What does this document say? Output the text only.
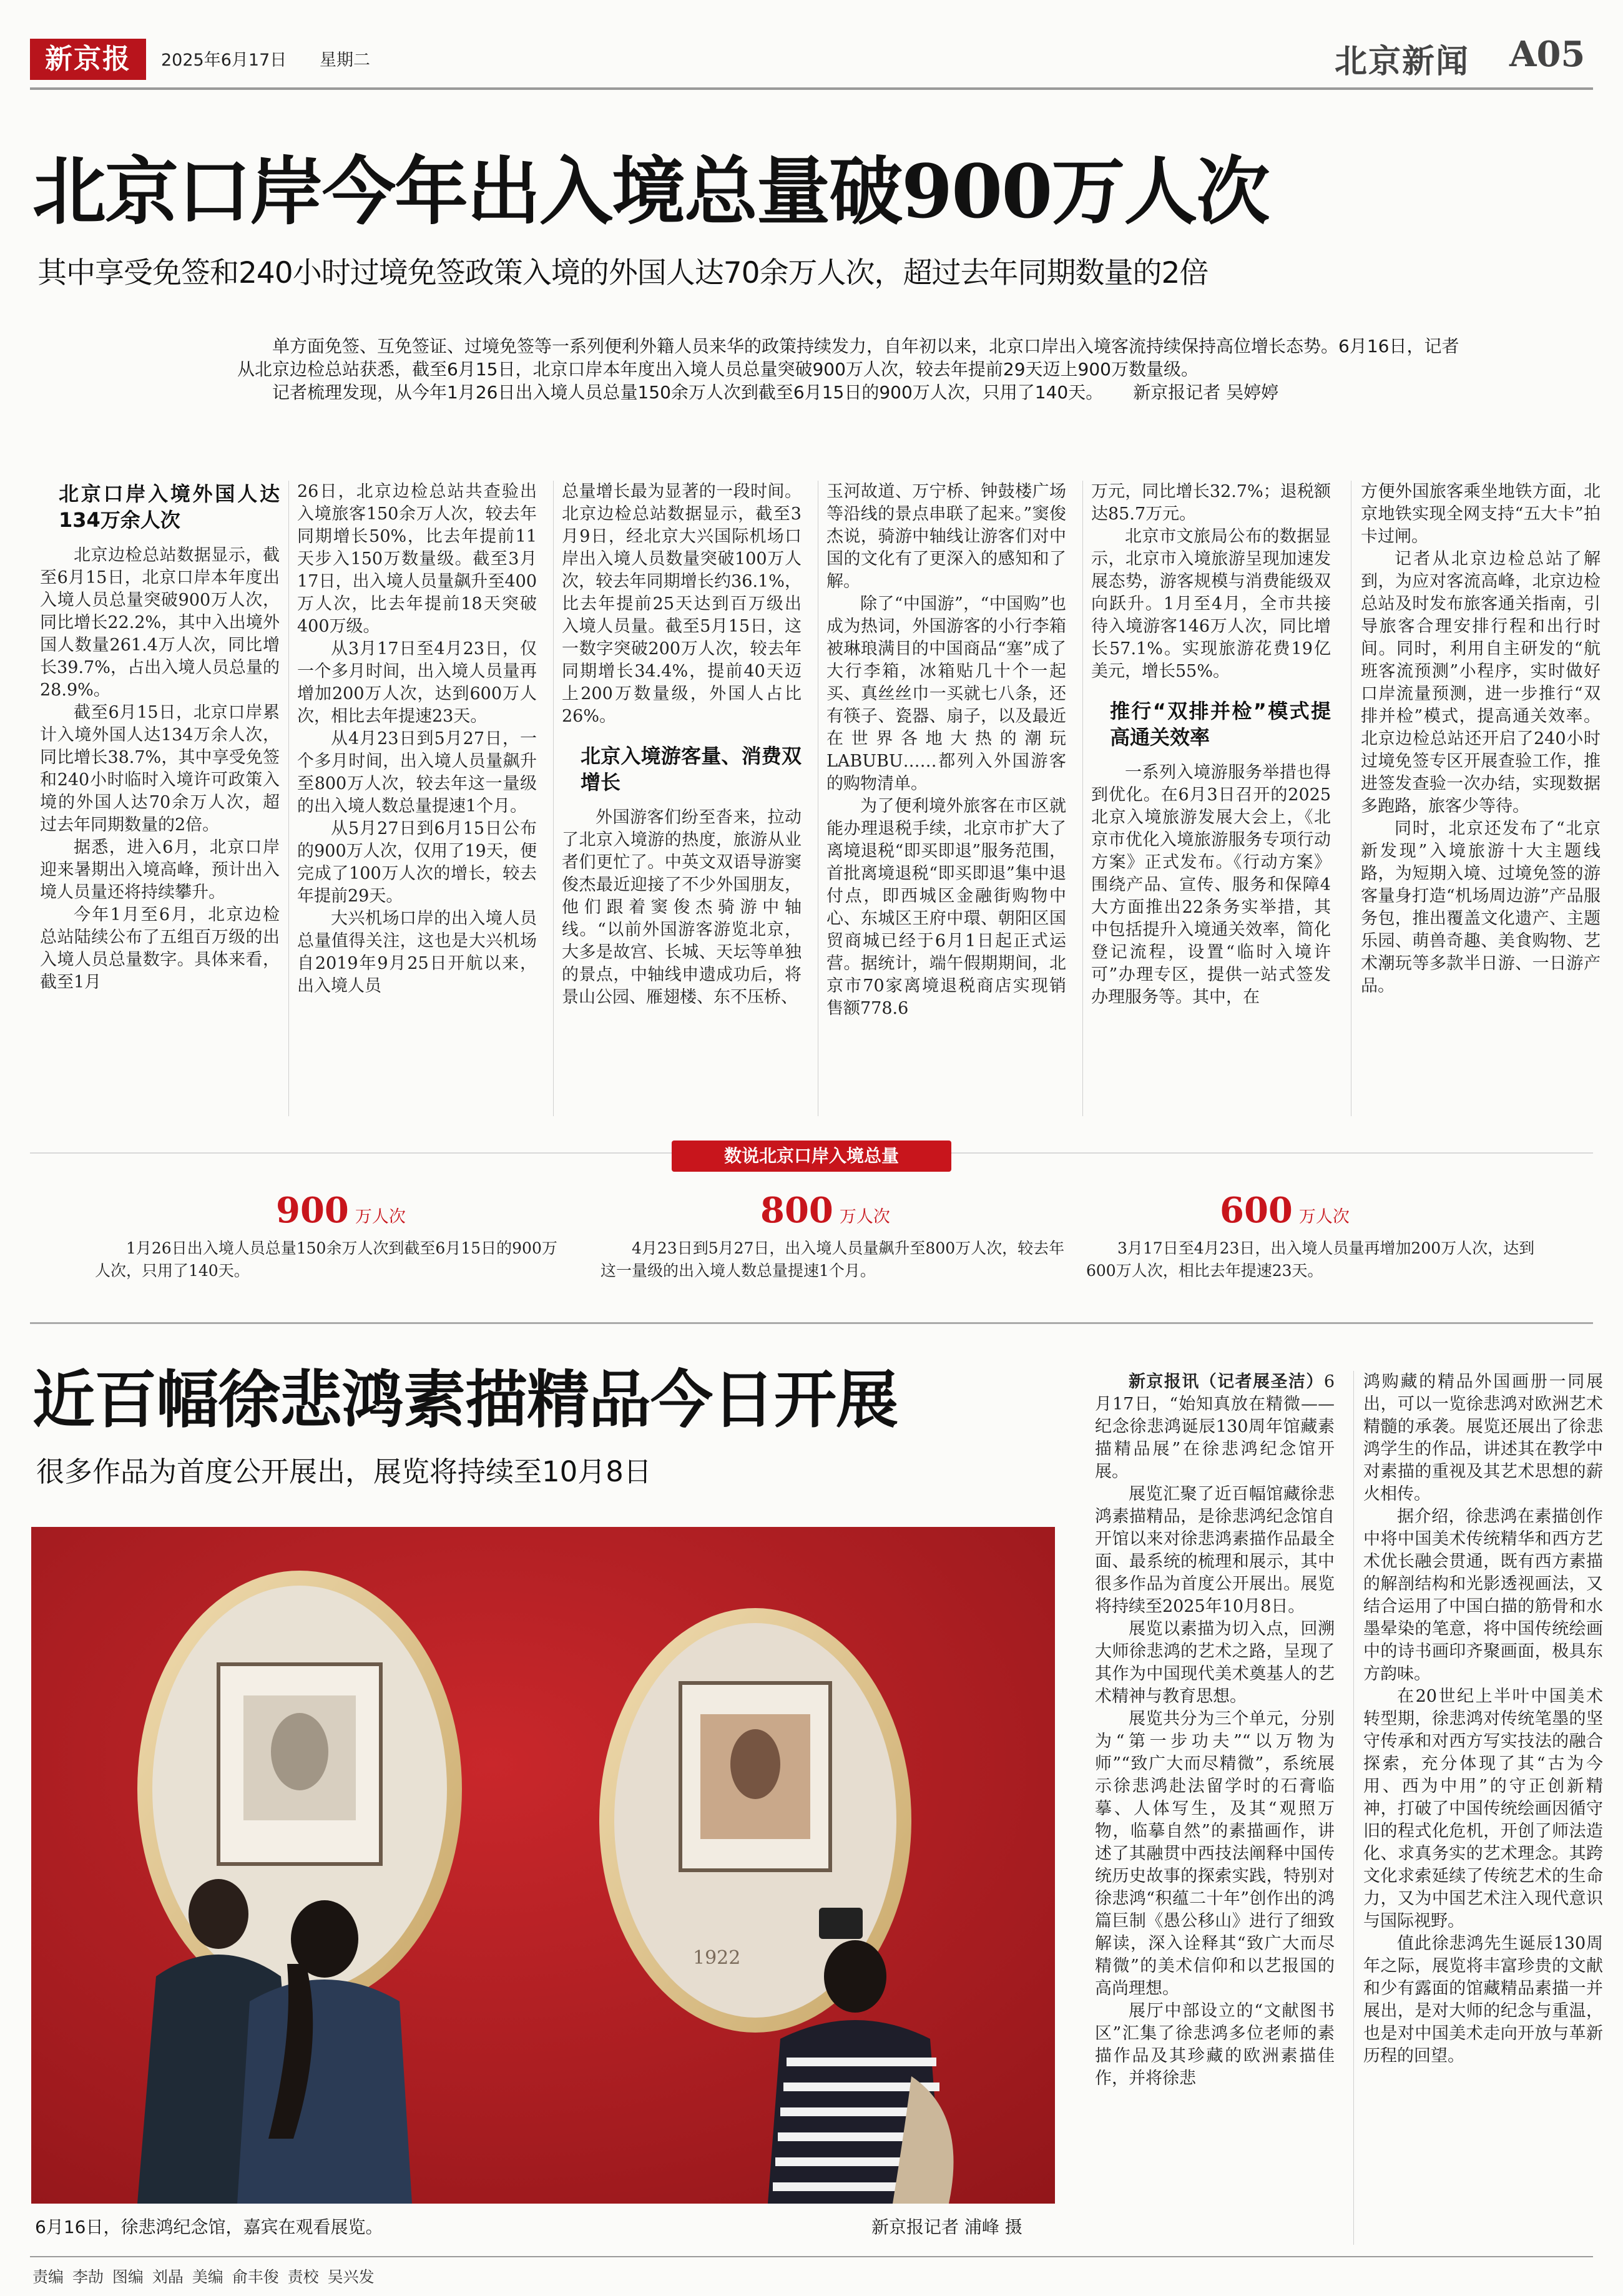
新京报	2025年6月17日 星期二	北京新闻 A05
北京口岸今年出入境总量破900万人次
其中享受免签和240小时过境免签政策入境的外国人达70余万人次，超过去年同期数量的2倍

单方面免签、互免签证、过境免签等一系列便利外籍人员来华的政策持续发力，自年初以来，北京口岸出入境客流持续保持高位增长态势。6月16日，记者从北京边检总站获悉，截至6月15日，北京口岸本年度出入境人员总量突破900万人次，较去年提前29天迈上900万数量级。

记者梳理发现，从今年1月26日出入境人员总量150余万人次到截至6月15日的900万人次，只用了140天。 新京报记者 吴婷婷

北京口岸入境外国人达134万余人次

北京边检总站数据显示，截至6月15日，北京口岸本年度出入境人员总量突破900万人次，同比增长22.2%，其中入出境外国人数量261.4万人次，同比增长39.7%，占出入境人员总量的28.9%。

截至6月15日，北京口岸累计入境外国人达134万余人次，同比增长38.7%，其中享受免签和240小时临时入境许可政策入境的外国人达70余万人次，超过去年同期数量的2倍。

据悉，进入6月，北京口岸迎来暑期出入境高峰，预计出入境人员量还将持续攀升。

今年1月至6月，北京边检总站陆续公布了五组百万级的出入境人员总量数字。具体来看，截至1月

26日，北京边检总站共查验出入境旅客150余万人次，较去年同期增长50%，比去年提前11天步入150万数量级。截至3月17日，出入境人员量飙升至400万人次，比去年提前18天突破400万级。

从3月17日至4月23日，仅一个多月时间，出入境人员量再增加200万人次，达到600万人次，相比去年提速23天。

从4月23日到5月27日，一个多月时间，出入境人员量飙升至800万人次，较去年这一量级的出入境人数总量提速1个月。

从5月27日到6月15日公布的900万人次，仅用了19天，便完成了100万人次的增长，较去年提前29天。

大兴机场口岸的出入境人员总量值得关注，这也是大兴机场自2019年9月25日开航以来，出入境人员

总量增长最为显著的一段时间。北京边检总站数据显示，截至3月9日，经北京大兴国际机场口岸出入境人员数量突破100万人次，较去年同期增长约36.1%，比去年提前25天达到百万级出入境人员量。截至5月15日，这一数字突破200万人次，较去年同期增长34.4%，提前40天迈上200万数量级，外国人占比26%。

北京入境游客量、消费双增长

外国游客们纷至沓来，拉动了北京入境游的热度，旅游从业者们更忙了。中英文双语导游窦俊杰最近迎接了不少外国朋友，他们跟着窦俊杰骑游中轴线。“以前外国游客游览北京，大多是故宫、长城、天坛等单独的景点，中轴线申遗成功后，将景山公园、雁翅楼、东不压桥、

玉河故道、万宁桥、钟鼓楼广场等沿线的景点串联了起来。”窦俊杰说，骑游中轴线让游客们对中国的文化有了更深入的感知和了解。

除了“中国游”，“中国购”也成为热词，外国游客的小行李箱被琳琅满目的中国商品“塞”成了大行李箱，冰箱贴几十个一起买、真丝丝巾一买就七八条，还有筷子、瓷器、扇子，以及最近在世界各地大热的潮玩LABUBU……都列入外国游客的购物清单。

为了便利境外旅客在市区就能办理退税手续，北京市扩大了离境退税“即买即退”服务范围，首批离境退税“即买即退”集中退付点，即西城区金融街购物中心、东城区王府中環、朝阳区国贸商城已经于6月1日起正式运营。据统计，端午假期期间，北京市70家离境退税商店实现销售额778.6

万元，同比增长32.7%；退税额达85.7万元。

北京市文旅局公布的数据显示，北京市入境旅游呈现加速发展态势，游客规模与消费能级双向跃升。1月至4月，全市共接待入境游客146万人次，同比增长57.1%。实现旅游花费19亿美元，增长55%。

推行“双排并检”模式提高通关效率

一系列入境游服务举措也得到优化。在6月3日召开的2025北京入境旅游发展大会上，《北京市优化入境旅游服务专项行动方案》正式发布。《行动方案》围绕产品、宣传、服务和保障4大方面推出22条务实举措，其中包括提升入境通关效率，简化登记流程，设置“临时入境许可”办理专区，提供一站式签发办理服务等。其中，在

方便外国旅客乘坐地铁方面，北京地铁实现全网支持“五大卡”拍卡过闸。

记者从北京边检总站了解到，为应对客流高峰，北京边检总站及时发布旅客通关指南，引导旅客合理安排行程和出行时间。同时，利用自主研发的“航班客流预测”小程序，实时做好口岸流量预测，进一步推行“双排并检”模式，提高通关效率。北京边检总站还开启了240小时过境免签专区开展查验工作，推进签发查验一次办结，实现数据多跑路，旅客少等待。

同时，北京还发布了“北京新发现”入境旅游十大主题线路，为短期入境、过境免签的游客量身打造“机场周边游”产品服务包，推出覆盖文化遗产、主题乐园、萌兽奇趣、美食购物、艺术潮玩等多款半日游、一日游产品。

数说北京口岸入境总量
900 万人次
1月26日出入境人员总量150余万人次到截至6月15日的900万人次，只用了140天。
800 万人次
4月23日到5月27日，出入境人员量飙升至800万人次，较去年这一量级的出入境人数总量提速1个月。
600 万人次
3月17日至4月23日，出入境人员量再增加200万人次，达到600万人次，相比去年提速23天。
近百幅徐悲鸿素描精品今日开展
很多作品为首度公开展出，展览将持续至10月8日
1922
6月16日，徐悲鸿纪念馆，嘉宾在观看展览。	新京报记者 浦峰 摄

新京报讯（记者展圣洁）6月17日，“始知真放在精微——纪念徐悲鸿诞辰130周年馆藏素描精品展”在徐悲鸿纪念馆开展。

展览汇聚了近百幅馆藏徐悲鸿素描精品，是徐悲鸿纪念馆自开馆以来对徐悲鸿素描作品最全面、最系统的梳理和展示，其中很多作品为首度公开展出。展览将持续至2025年10月8日。

展览以素描为切入点，回溯大师徐悲鸿的艺术之路，呈现了其作为中国现代美术奠基人的艺术精神与教育思想。

展览共分为三个单元，分别为“第一步功夫”“以万物为师”“致广大而尽精微”，系统展示徐悲鸿赴法留学时的石膏临摹、人体写生，及其“观照万物，临摹自然”的素描画作，讲述了其融贯中西技法阐释中国传统历史故事的探索实践，特别对徐悲鸿“积蕴二十年”创作出的鸿篇巨制《愚公移山》进行了细致解读，深入诠释其“致广大而尽精微”的美术信仰和以艺报国的高尚理想。

展厅中部设立的“文献图书区”汇集了徐悲鸿多位老师的素描作品及其珍藏的欧洲素描佳作，并将徐悲

鸿购藏的精品外国画册一同展出，可以一览徐悲鸿对欧洲艺术精髓的承袭。展览还展出了徐悲鸿学生的作品，讲述其在教学中对素描的重视及其艺术思想的薪火相传。

据介绍，徐悲鸿在素描创作中将中国美术传统精华和西方艺术优长融会贯通，既有西方素描的解剖结构和光影透视画法，又结合运用了中国白描的筋骨和水墨晕染的笔意，将中国传统绘画中的诗书画印齐聚画面，极具东方韵味。

在20世纪上半叶中国美术转型期，徐悲鸿对传统笔墨的坚守传承和对西方写实技法的融合探索，充分体现了其“古为今用、西为中用”的守正创新精神，打破了中国传统绘画因循守旧的程式化危机，开创了师法造化、求真务实的艺术理念。其跨文化求索延续了传统艺术的生命力，又为中国艺术注入现代意识与国际视野。

值此徐悲鸿先生诞辰130周年之际，展览将丰富珍贵的文献和少有露面的馆藏精品素描一并展出，是对大师的纪念与重温，也是对中国美术走向开放与革新历程的回望。

责编 李劼 图编 刘晶 美编 俞丰俊 责校 吴兴发
